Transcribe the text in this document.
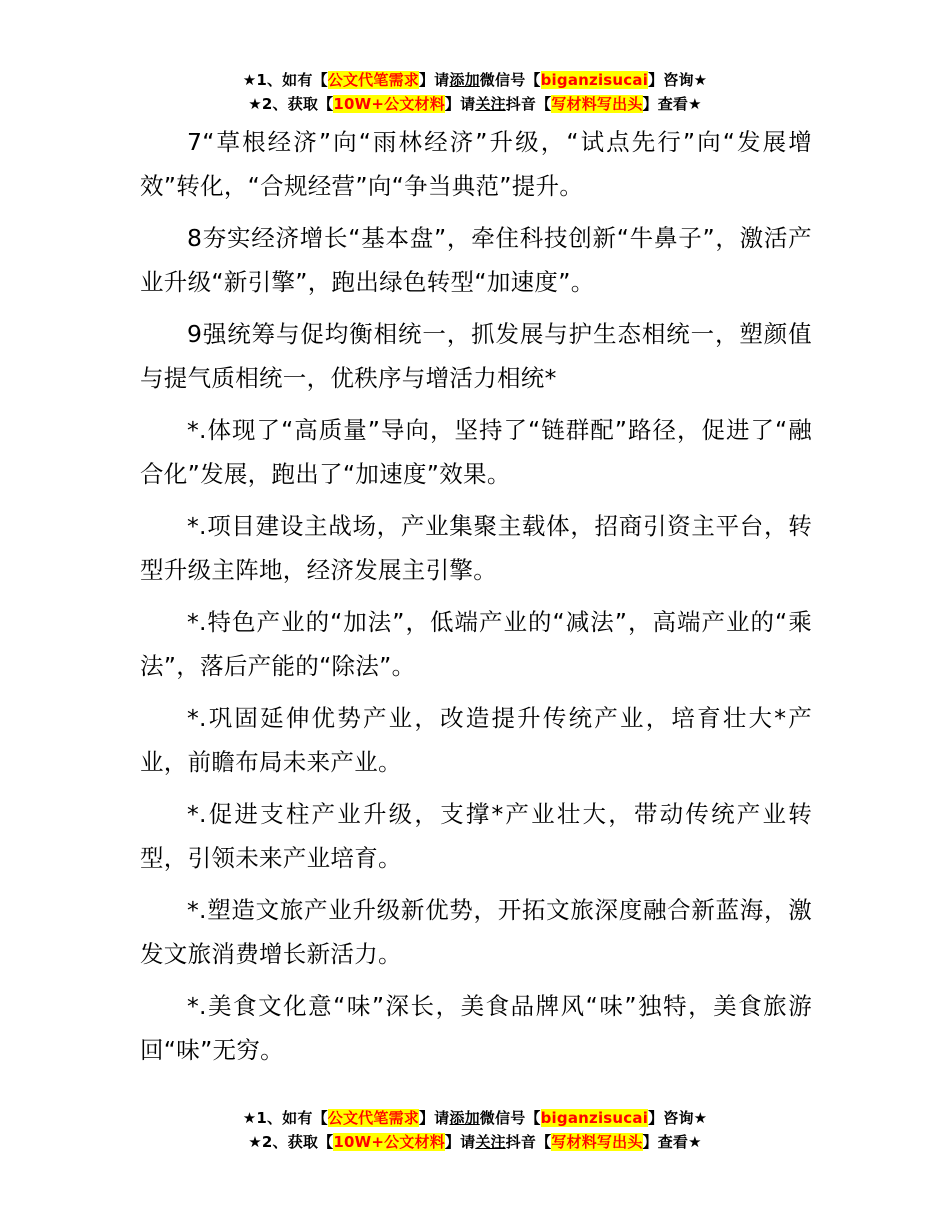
★1、如有【公文代笔需求】请添加微信号【biganzisucai】咨询★
★2、获取【10W+公文材料】请关注抖音【写材料写出头】查看★

7“草根经济”向“雨林经济”升级，“试点先行”向“发展增效”转化，“合规经营”向“争当典范”提升。

8夯实经济增长“基本盘”，牵住科技创新“牛鼻子”，激活产业升级“新引擎”，跑出绿色转型“加速度”。

9强统筹与促均衡相统一，抓发展与护生态相统一，塑颜值与提气质相统一，优秩序与增活力相统*

*.体现了“高质量”导向，坚持了“链群配”路径，促进了“融合化”发展，跑出了“加速度”效果。

*.项目建设主战场，产业集聚主载体，招商引资主平台，转型升级主阵地，经济发展主引擎。

*.特色产业的“加法”，低端产业的“减法”，高端产业的“乘法”，落后产能的“除法”。

*.巩固延伸优势产业，改造提升传统产业，培育壮大*产业，前瞻布局未来产业。

*.促进支柱产业升级，支撑*产业壮大，带动传统产业转型，引领未来产业培育。

*.塑造文旅产业升级新优势，开拓文旅深度融合新蓝海，激发文旅消费增长新活力。

*.美食文化意“味”深长，美食品牌风“味”独特，美食旅游回“味”无穷。

★1、如有【公文代笔需求】请添加微信号【biganzisucai】咨询★
★2、获取【10W+公文材料】请关注抖音【写材料写出头】查看★
